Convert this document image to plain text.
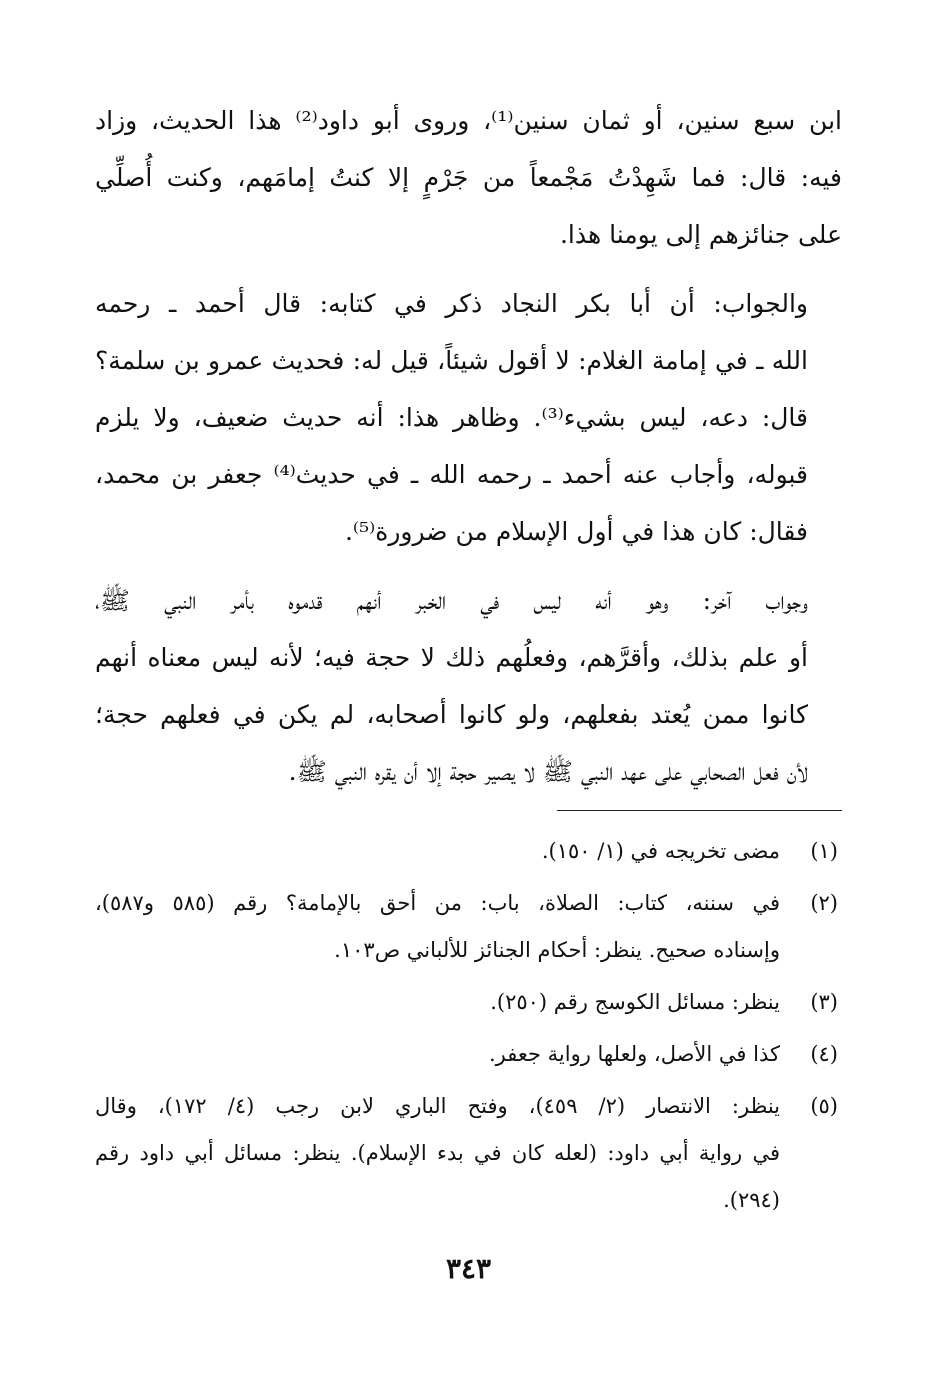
ابن سبع سنين، أو ثمان سنين⁽¹⁾، وروى أبو داود⁽²⁾ هذا الحديث، وزاد
فيه: قال: فما شَهِدْتُ مَجْمعاً من جَرْمٍ إلا كنتُ إمامَهم، وكنت أُصلِّي
على جنائزهم إلى يومنا هذا.

والجواب: أن أبا بكر النجاد ذكر في كتابه: قال أحمد ـ رحمه
الله ـ في إمامة الغلام: لا أقول شيئاً، قيل له: فحديث عمرو بن سلمة؟
قال: دعه، ليس بشيء⁽³⁾. وظاهر هذا: أنه حديث ضعيف، ولا يلزم
قبوله، وأجاب عنه أحمد ـ رحمه الله ـ في حديث⁽⁴⁾ جعفر بن محمد،
فقال: كان هذا في أول الإسلام من ضرورة⁽⁵⁾.

وجواب آخر: وهو أنه ليس في الخبر أنهم قدموه بأمر النبي ﷺ،
أو علم بذلك، وأقرَّهم، وفعلُهم ذلك لا حجة فيه؛ لأنه ليس معناه أنهم
كانوا ممن يُعتد بفعلهم، ولو كانوا أصحابه، لم يكن في فعلهم حجة؛
لأن فعل الصحابي على عهد النبي ﷺ لا يصير حجة إلا أن يقره النبي ﷺ.

(١)
مضى تخريجه في (١/ ١٥٠).
(٢)
في سننه، كتاب: الصلاة، باب: من أحق بالإمامة؟ رقم (٥٨٥ و٥٨٧)،
وإسناده صحيح. ينظر: أحكام الجنائز للألباني ص١٠٣.
(٣)
ينظر: مسائل الكوسج رقم (٢٥٠).
(٤)
كذا في الأصل، ولعلها رواية جعفر.
(٥)
ينظر: الانتصار (٢/ ٤٥٩)، وفتح الباري لابن رجب (٤/ ١٧٢)، وقال
في رواية أبي داود: (لعله كان في بدء الإسلام). ينظر: مسائل أبي داود رقم
(٢٩٤).
٣٤٣
